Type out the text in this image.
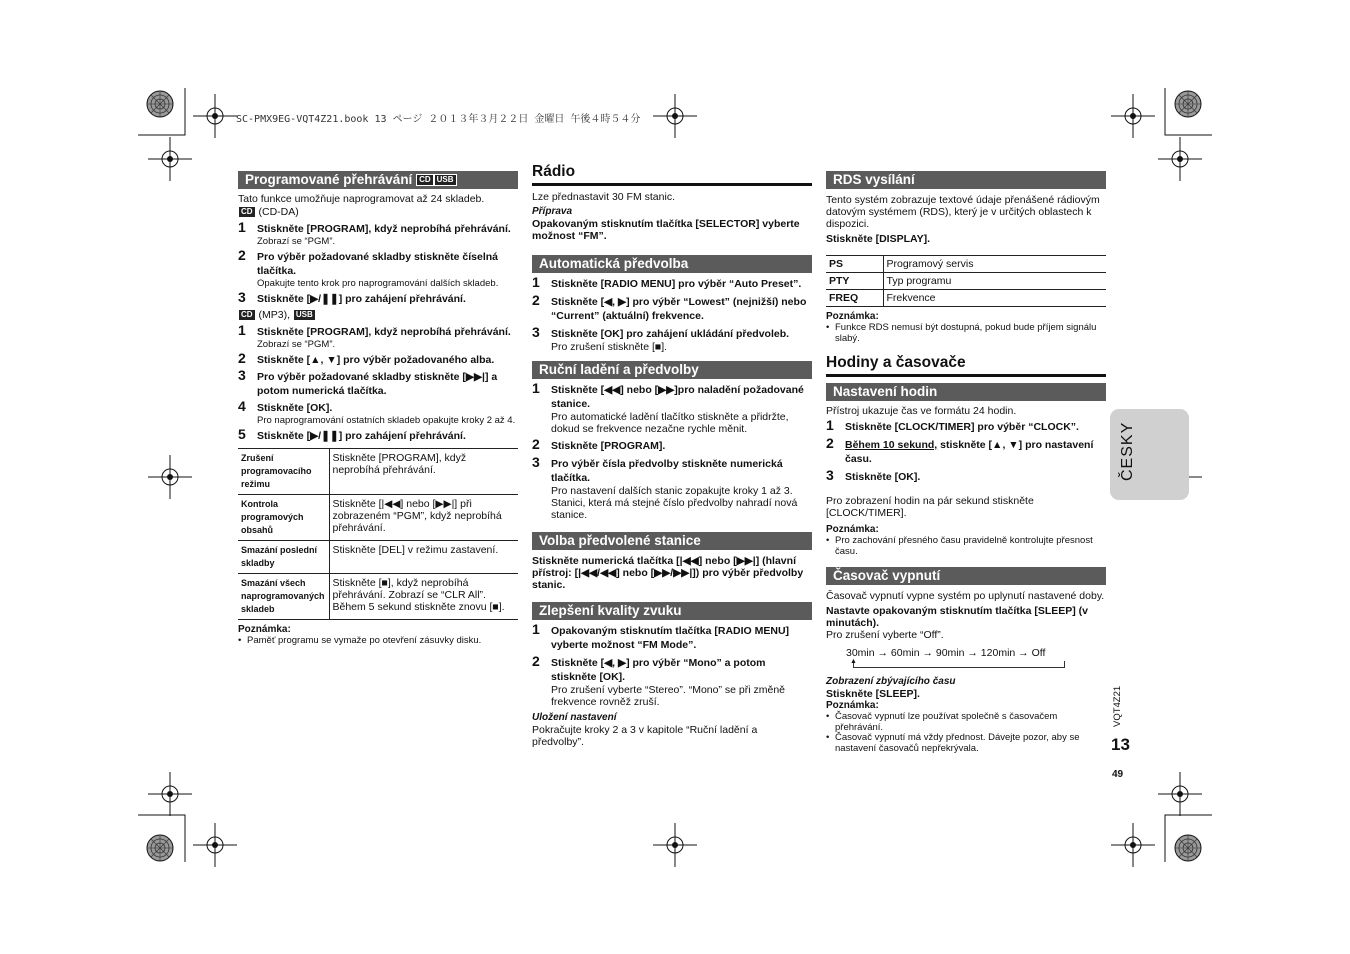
SC-PMX9EG-VQT4Z21.book 13 ページ ２０１３年３月２２日 金曜日 午後４時５４分
Programované přehrávání CD USB
Tato funkce umožňuje naprogramovat až 24 skladeb.
CD (CD-DA)
1 Stiskněte [PROGRAM], když neprobíhá přehrávání.
Zobrazí se “PGM”.
2 Pro výběr požadované skladby stiskněte číselná tlačítka.
Opakujte tento krok pro naprogramování dalších skladeb.
3 Stiskněte [▶/❚❚] pro zahájení přehrávání.
CD (MP3), USB
1 Stiskněte [PROGRAM], když neprobíhá přehrávání.
Zobrazí se “PGM”.
2 Stiskněte [▲, ▼] pro výběr požadovaného alba.
3 Pro výběr požadované skladby stiskněte [▶▶|] a potom numerická tlačítka.
4 Stiskněte [OK].
Pro naprogramování ostatních skladeb opakujte kroky 2 až 4.
5 Stiskněte [▶/❚❚] pro zahájení přehrávání.
Zrušení programovacího režimu	Stiskněte [PROGRAM], když neprobíhá přehrávání.
Kontrola programových obsahů	Stiskněte [|◀◀] nebo [▶▶|] při zobrazeném “PGM”, když neprobíhá přehrávání.
Smazání poslední skladby	Stiskněte [DEL] v režimu zastavení.
Smazání všech naprogramovaných skladeb	Stiskněte [■], když neprobíhá přehrávání. Zobrazí se “CLR All”. Během 5 sekund stiskněte znovu [■].
Poznámka:
• Paměť programu se vymaže po otevření zásuvky disku.
Rádio
Lze přednastavit 30 FM stanic.
Příprava
Opakovaným stisknutím tlačítka [SELECTOR] vyberte možnost “FM”.
Automatická předvolba
1 Stiskněte [RADIO MENU] pro výběr “Auto Preset”.
2 Stiskněte [◀, ▶] pro výběr “Lowest” (nejnižší) nebo “Current” (aktuální) frekvence.
3 Stiskněte [OK] pro zahájení ukládání předvoleb.
Pro zrušení stiskněte [■].
Ruční ladění a předvolby
1 Stiskněte [◀◀] nebo [▶▶]pro naladění požadované stanice.
Pro automatické ladění tlačítko stiskněte a přidržte, dokud se frekvence nezačne rychle měnit.
2 Stiskněte [PROGRAM].
3 Pro výběr čísla předvolby stiskněte numerická tlačítka.
Pro nastavení dalších stanic zopakujte kroky 1 až 3. Stanici, která má stejné číslo předvolby nahradí nová stanice.
Volba předvolené stanice
Stiskněte numerická tlačítka [|◀◀] nebo [▶▶|] (hlavní přístroj: [|◀◀/◀◀] nebo [▶▶/▶▶|]) pro výběr předvolby stanic.
Zlepšení kvality zvuku
1 Opakovaným stisknutím tlačítka [RADIO MENU] vyberte možnost “FM Mode”.
2 Stiskněte [◀, ▶] pro výběr “Mono” a potom stiskněte [OK].
Pro zrušení vyberte “Stereo”. “Mono” se při změně frekvence rovněž zruší.
Uložení nastavení
Pokračujte kroky 2 a 3 v kapitole “Ruční ladění a předvolby”.
RDS vysílání
Tento systém zobrazuje textové údaje přenášené rádiovým datovým systémem (RDS), který je v určitých oblastech k dispozici.
Stiskněte [DISPLAY].
PS	Programový servis
PTY	Typ programu
FREQ	Frekvence
Poznámka:
• Funkce RDS nemusí být dostupná, pokud bude příjem signálu slabý.
Hodiny a časovače
Nastavení hodin
Přístroj ukazuje čas ve formátu 24 hodin.
1 Stiskněte [CLOCK/TIMER] pro výběr “CLOCK”.
2 Během 10 sekund, stiskněte [▲, ▼] pro nastavení času.
3 Stiskněte [OK].
Pro zobrazení hodin na pár sekund stiskněte [CLOCK/TIMER].
Poznámka:
• Pro zachování přesného času pravidelně kontrolujte přesnost času.
Časovač vypnutí
Časovač vypnutí vypne systém po uplynutí nastavené doby.
Nastavte opakovaným stisknutím tlačítka [SLEEP] (v minutách).
Pro zrušení vyberte “Off”.
30min → 60min → 90min → 120min → Off
▲
Zobrazení zbývajícího času
Stiskněte [SLEEP].
Poznámka:
• Časovač vypnutí lze používat společně s časovačem přehrávání.
• Časovač vypnutí má vždy přednost. Dávejte pozor, aby se nastavení časovačů nepřekrývala.
ČESKY
VQT4Z21
13
49
